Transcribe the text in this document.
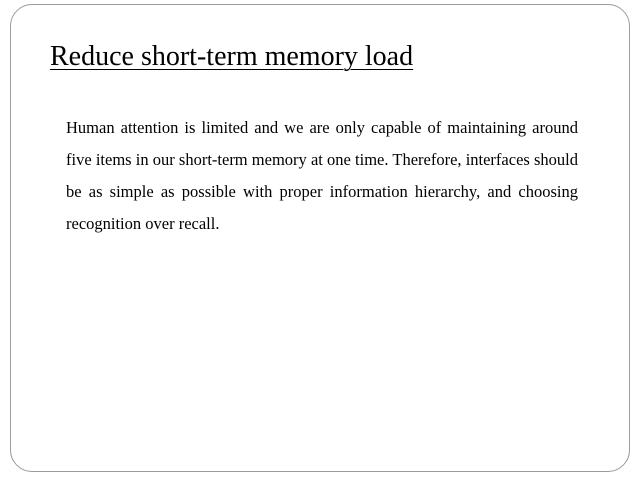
Reduce short-term memory load

Human attention is limited and we are only capable of maintaining around five items in our short-term memory at one time. Therefore, interfaces should be as simple as possible with proper information hierarchy, and choosing recognition over recall.
